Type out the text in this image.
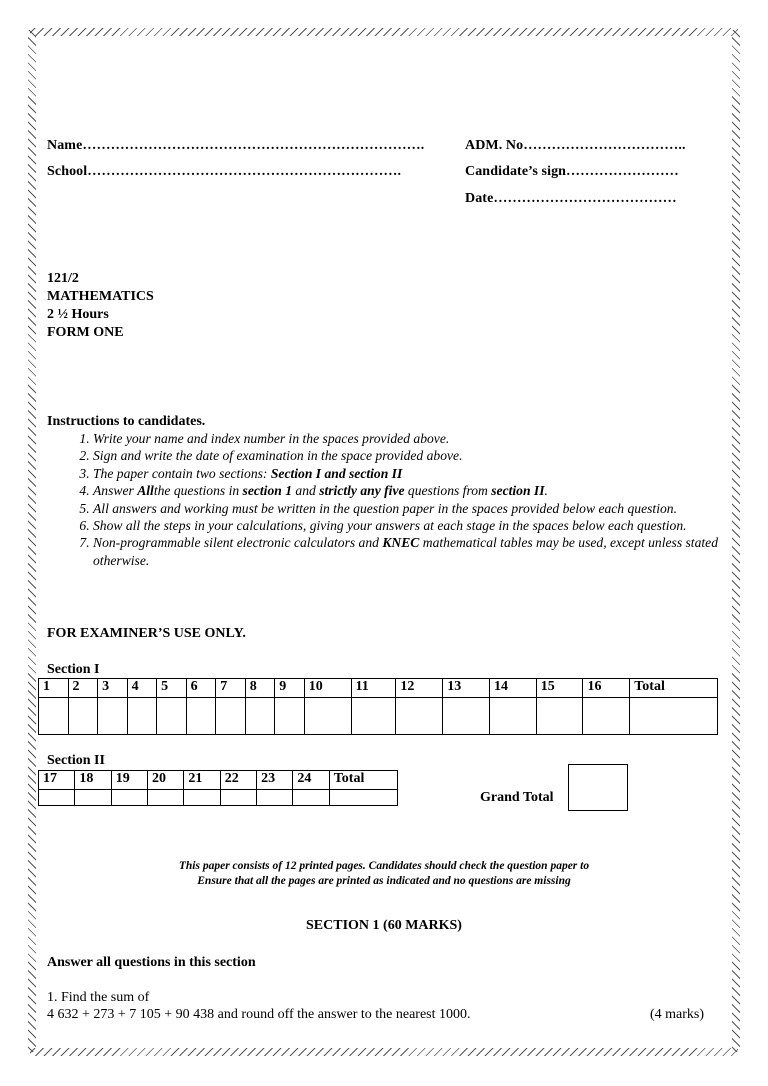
Name……………………………………………………………….	ADM. No……………………………..
School………………………………………………………….	Candidate’s sign……………………
Date…………………………………
121/2
MATHEMATICS
2 ½ Hours
FORM ONE
Instructions to candidates.
1. Write your name and index number in the spaces provided above.
2. Sign and write the date of examination in the space provided above.
3. The paper contain two sections: Section I and section II
4. Answer Allthe questions in section 1 and strictly any five questions from section II.
5. All answers and working must be written in the question paper in the spaces provided below each question.
6. Show all the steps in your calculations, giving your answers at each stage in the spaces below each question.
7. Non-programmable silent electronic calculators and KNEC mathematical tables may be used, except unless stated otherwise.
FOR EXAMINER’S USE ONLY.
Section I
1	2	3	4	5	6	7	8	9	10	11	12	13	14	15	16	Total

Section II
17	18	19	20	21	22	23	24	Total

Grand Total
This paper consists of 12 printed pages. Candidates should check the question paper to
Ensure that all the pages are printed as indicated and no questions are missing
SECTION 1 (60 MARKS)
Answer all questions in this section
1. Find the sum of
4 632 + 273 + 7 105 + 90 438 and round off the answer to the nearest 1000.	(4 marks)
